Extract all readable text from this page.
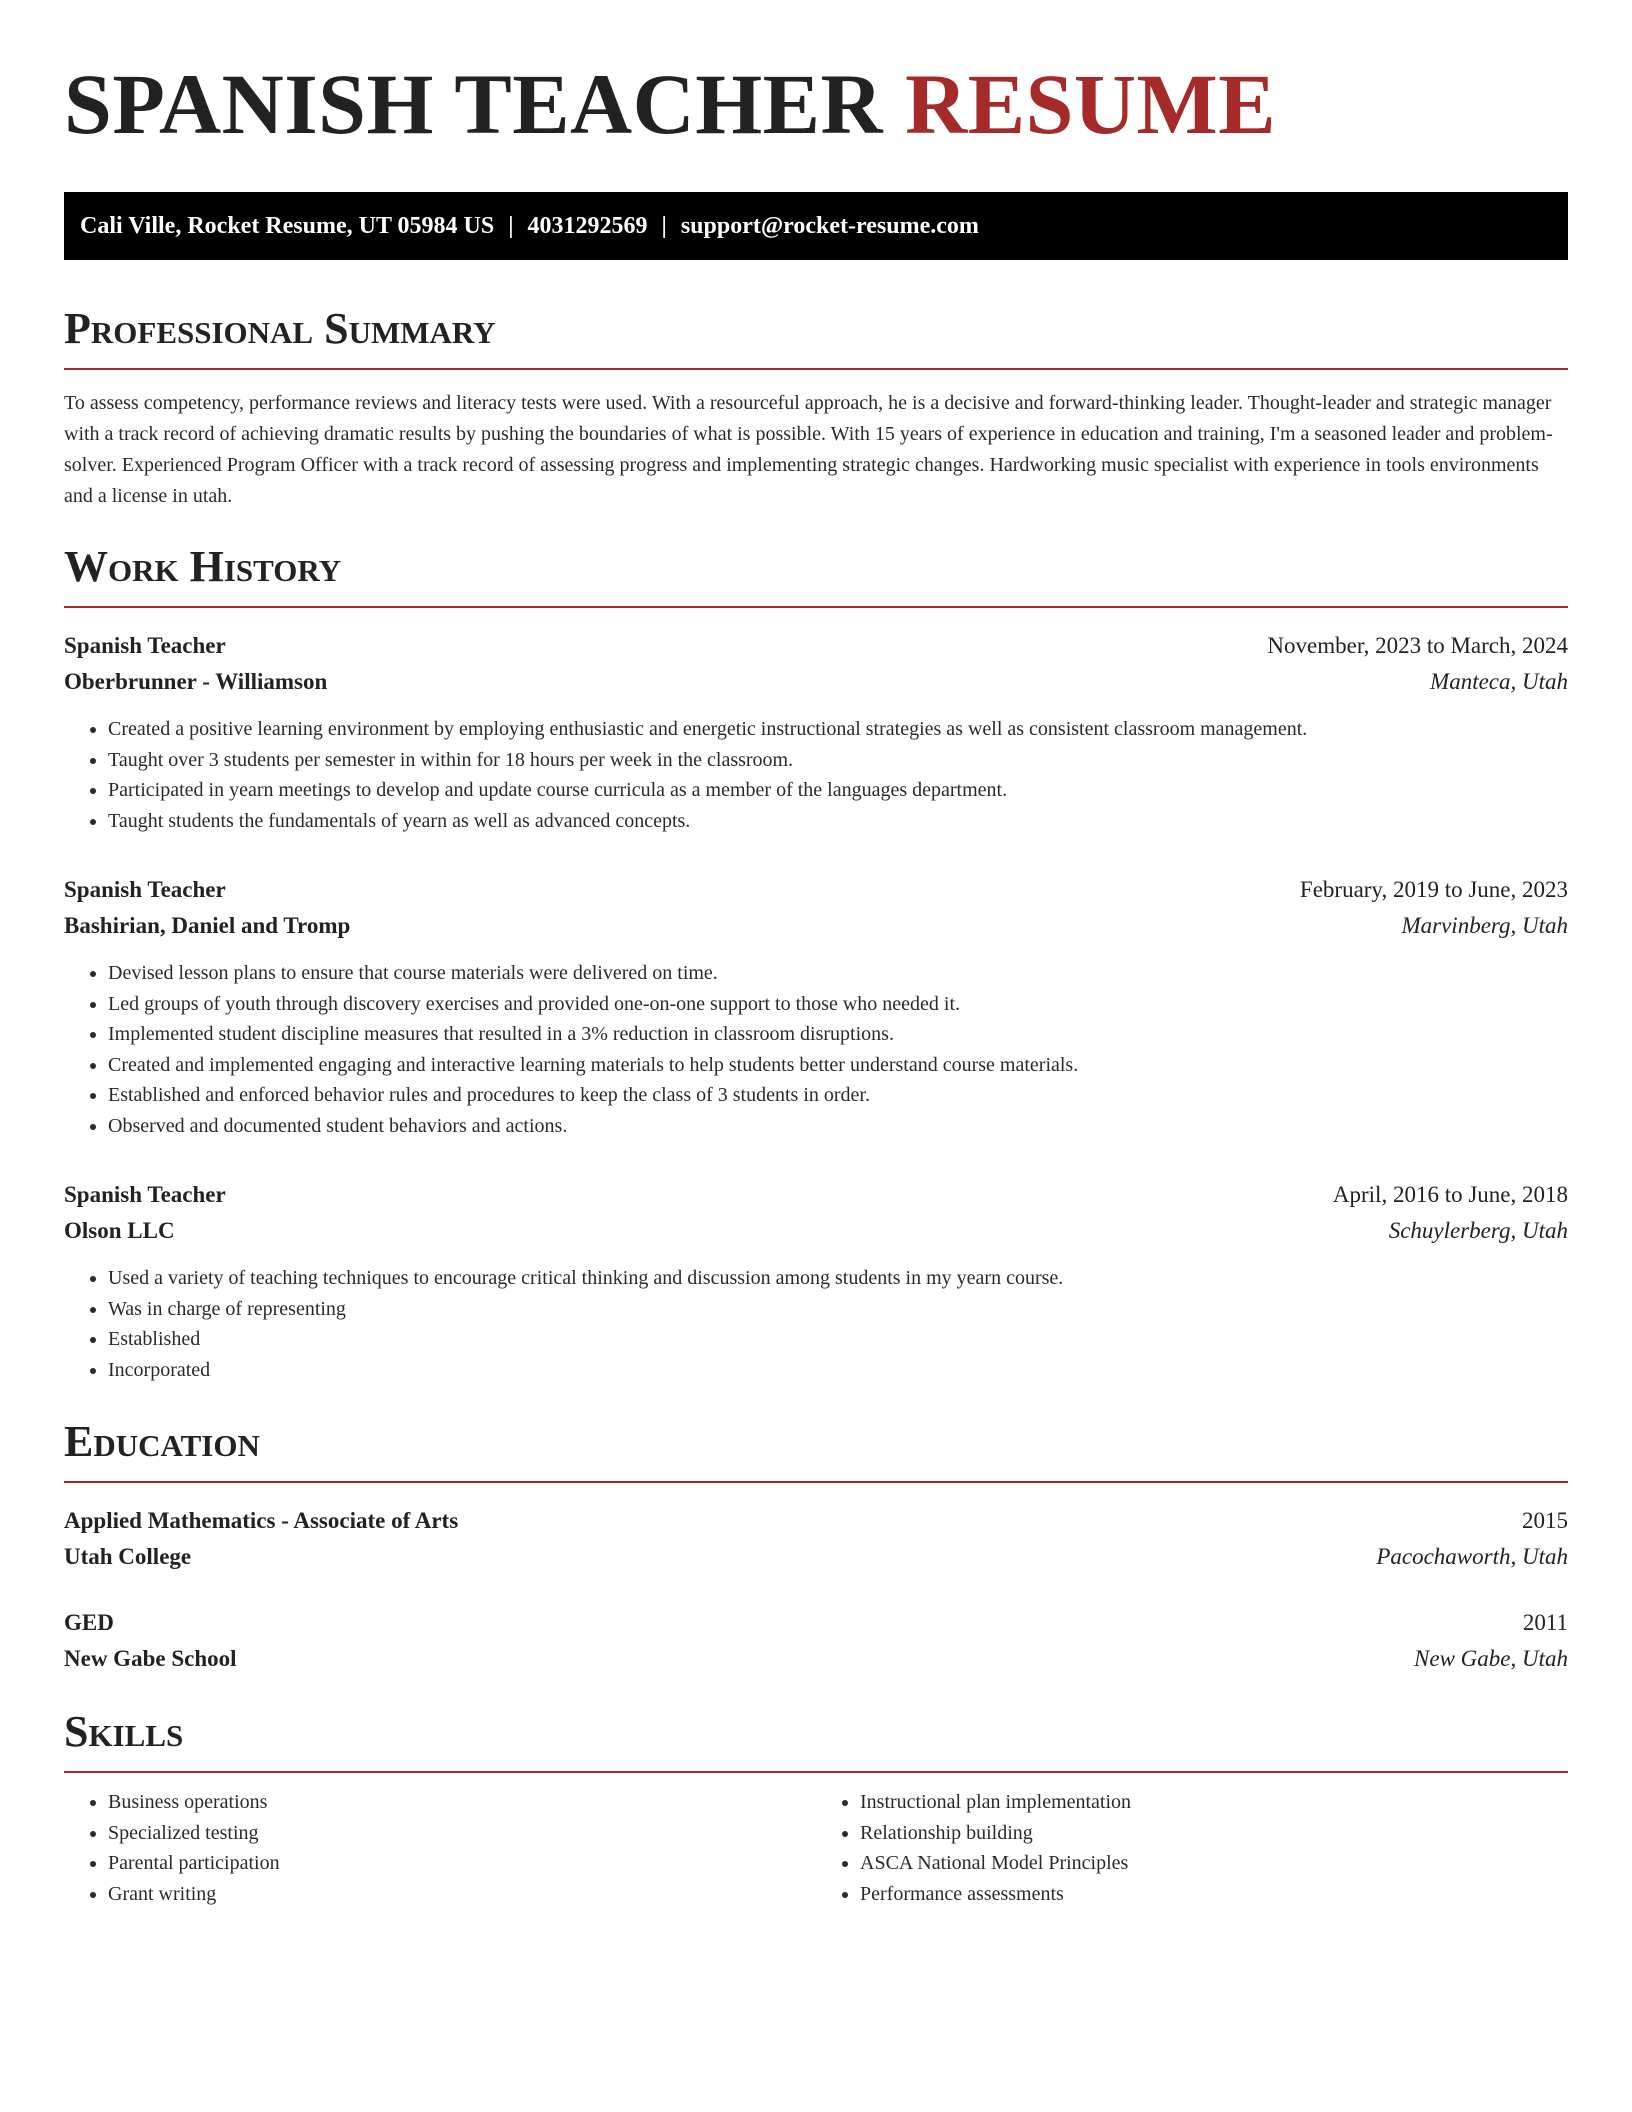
SPANISH TEACHER RESUME
Cali Ville, Rocket Resume, UT 05984 US | 4031292569 | support@rocket-resume.com
Professional Summary

To assess competency, performance reviews and literacy tests were used. With a resourceful approach, he is a decisive and forward-thinking leader. Thought-leader and strategic manager with a track record of achieving dramatic results by pushing the boundaries of what is possible. With 15 years of experience in education and training, I'm a seasoned leader and problem-solver. Experienced Program Officer with a track record of assessing progress and implementing strategic changes. Hardworking music specialist with experience in tools environments and a license in utah.

Work History
Spanish Teacher	November, 2023 to March, 2024
Oberbrunner - Williamson	Manteca, Utah
• Created a positive learning environment by employing enthusiastic and energetic instructional strategies as well as consistent classroom management.
• Taught over 3 students per semester in within for 18 hours per week in the classroom.
• Participated in yearn meetings to develop and update course curricula as a member of the languages department.
• Taught students the fundamentals of yearn as well as advanced concepts.
Spanish Teacher	February, 2019 to June, 2023
Bashirian, Daniel and Tromp	Marvinberg, Utah
• Devised lesson plans to ensure that course materials were delivered on time.
• Led groups of youth through discovery exercises and provided one-on-one support to those who needed it.
• Implemented student discipline measures that resulted in a 3% reduction in classroom disruptions.
• Created and implemented engaging and interactive learning materials to help students better understand course materials.
• Established and enforced behavior rules and procedures to keep the class of 3 students in order.
• Observed and documented student behaviors and actions.
Spanish Teacher	April, 2016 to June, 2018
Olson LLC	Schuylerberg, Utah
• Used a variety of teaching techniques to encourage critical thinking and discussion among students in my yearn course.
• Was in charge of representing
• Established
• Incorporated
Education
Applied Mathematics - Associate of Arts	2015
Utah College	Pacochaworth, Utah
GED	2011
New Gabe School	New Gabe, Utah
Skills
• Business operations
• Specialized testing
• Parental participation
• Grant writing
• Instructional plan implementation
• Relationship building
• ASCA National Model Principles
• Performance assessments
